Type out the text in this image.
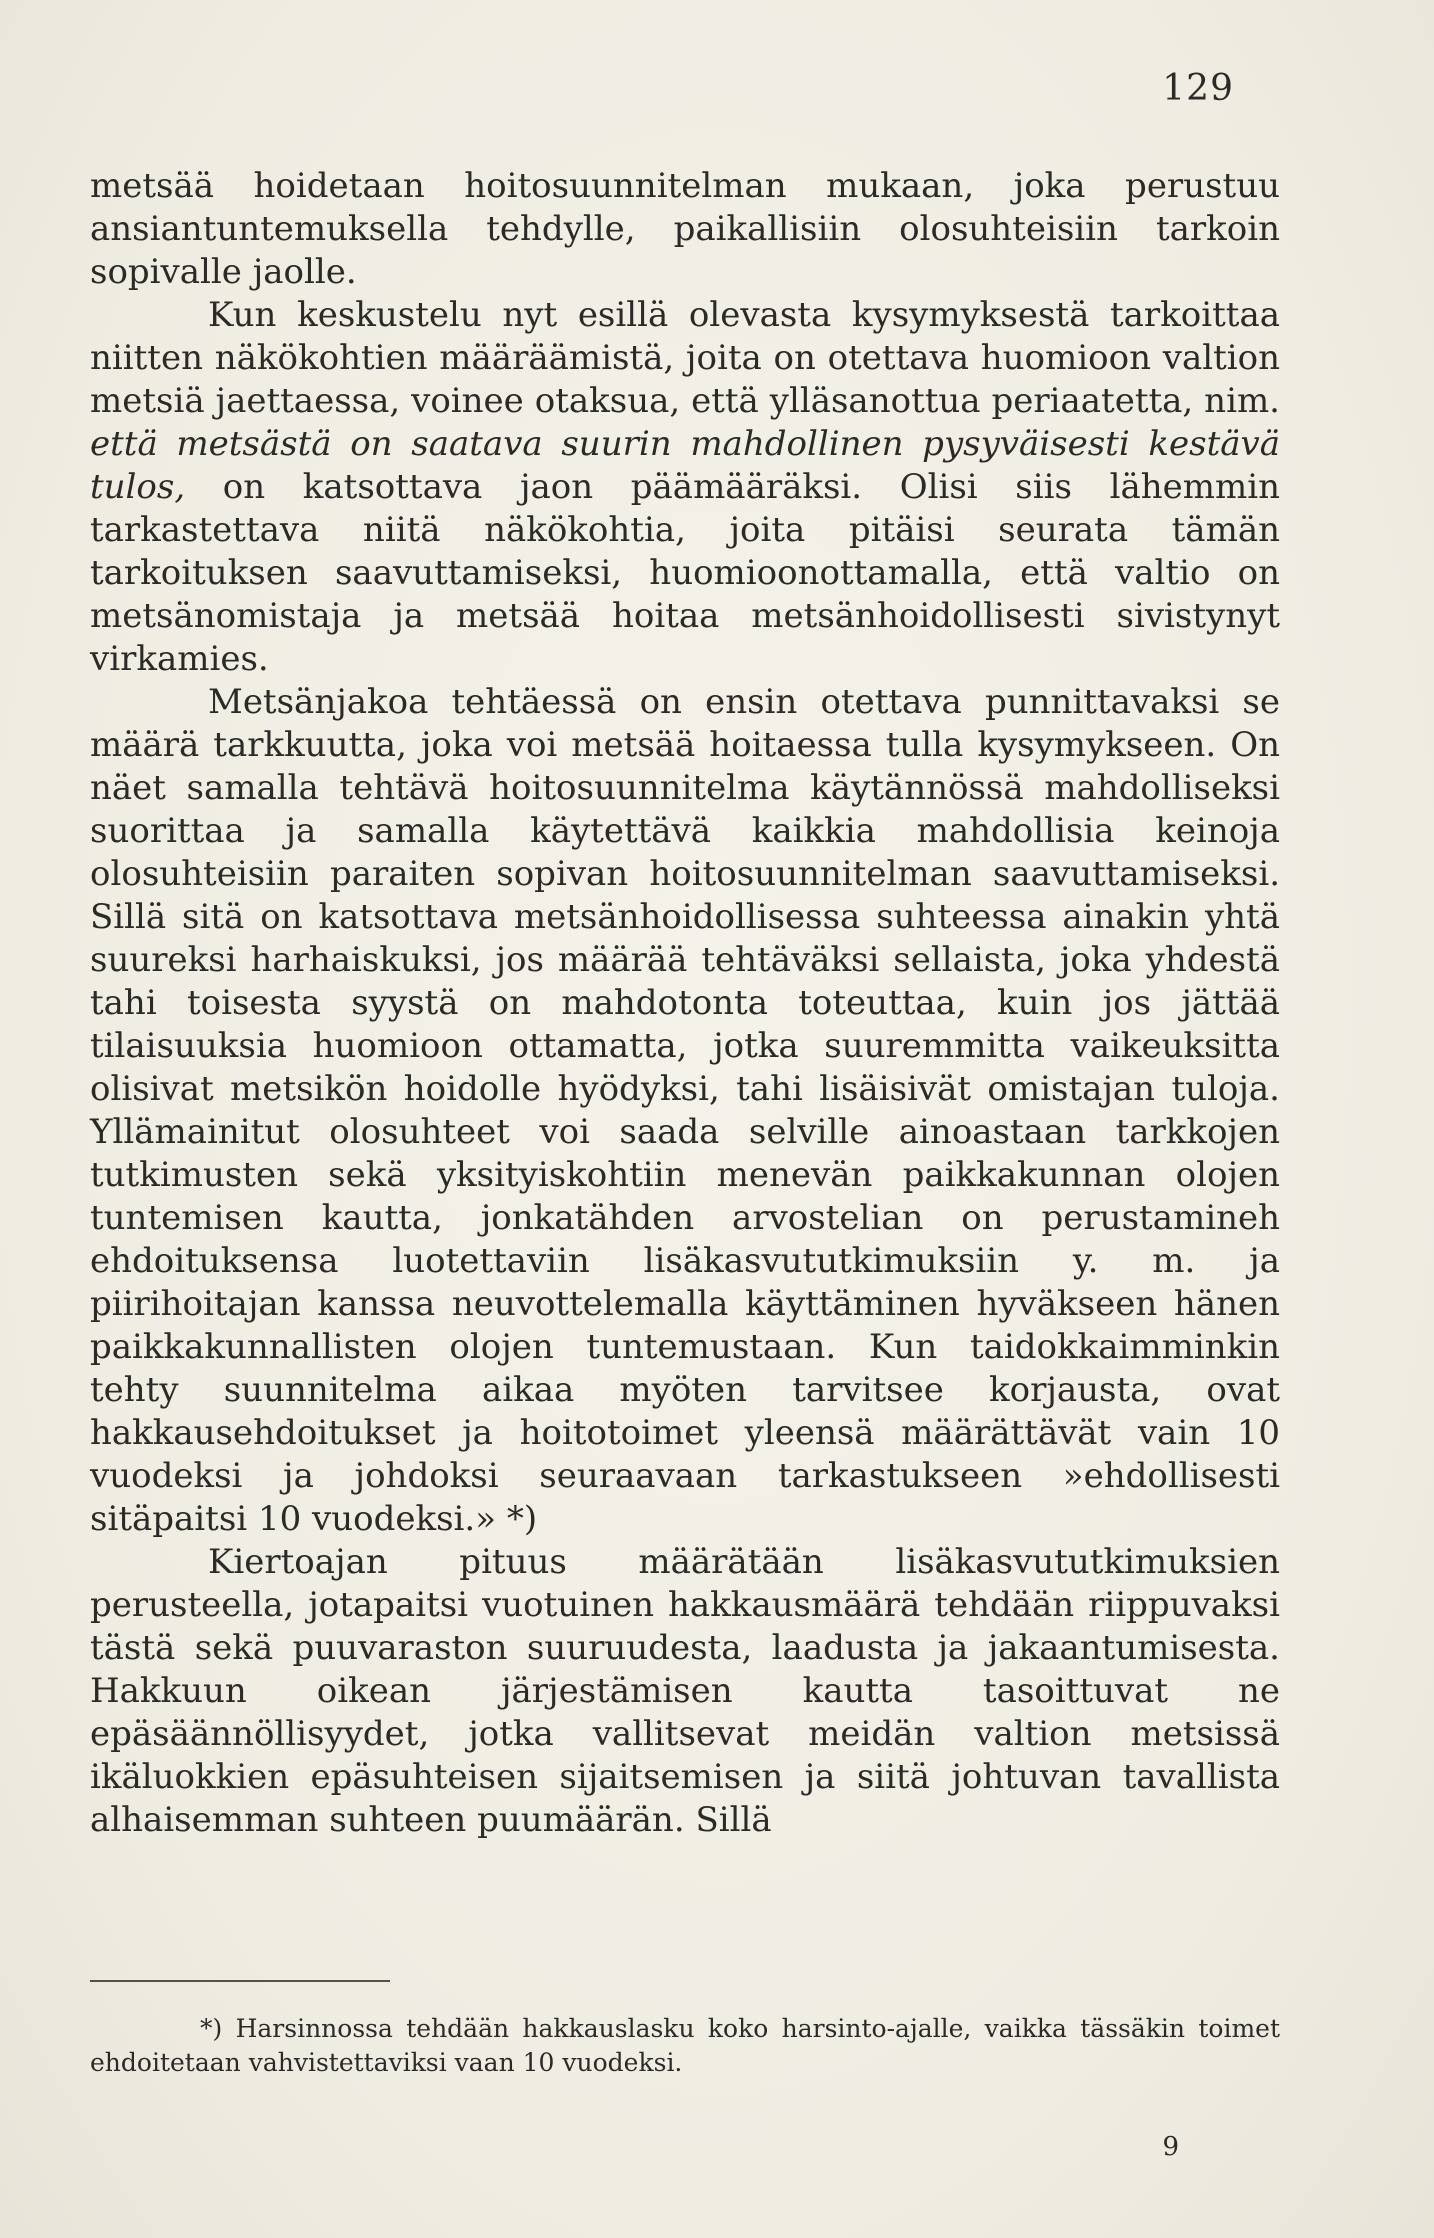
129

metsää hoidetaan hoitosuunnitelman mukaan, joka perustuu ansiantuntemuksella tehdylle, paikallisiin olosuhteisiin tarkoin sopivalle jaolle.

Kun keskustelu nyt esillä olevasta kysymyksestä tarkoittaa niitten näkökohtien määräämistä, joita on otettava huomioon valtion metsiä jaettaessa, voinee otaksua, että ylläsanottua periaatetta, nim. että metsästä on saatava suurin mahdollinen pysyväisesti kestävä tulos, on katsottava jaon päämääräksi. Olisi siis lähemmin tarkastettava niitä näkökohtia, joita pitäisi seurata tämän tarkoituksen saavuttamiseksi, huomioonottamalla, että valtio on metsänomistaja ja metsää hoitaa metsänhoidollisesti sivistynyt virkamies.

Metsänjakoa tehtäessä on ensin otettava punnittavaksi se määrä tarkkuutta, joka voi metsää hoitaessa tulla kysymykseen. On näet samalla tehtävä hoitosuunnitelma käytännössä mahdolliseksi suorittaa ja samalla käytettävä kaikkia mahdollisia keinoja olosuhteisiin paraiten sopivan hoitosuunnitelman saavuttamiseksi. Sillä sitä on katsottava metsänhoidollisessa suhteessa ainakin yhtä suureksi harhaiskuksi, jos määrää tehtäväksi sellaista, joka yhdestä tahi toisesta syystä on mahdotonta toteuttaa, kuin jos jättää tilaisuuksia huomioon ottamatta, jotka suuremmitta vaikeuksitta olisivat metsikön hoidolle hyödyksi, tahi lisäisivät omistajan tuloja. Yllämainitut olosuhteet voi saada selville ainoastaan tarkkojen tutkimusten sekä yksityiskohtiin menevän paikkakunnan olojen tuntemisen kautta, jonkatähden arvostelian on perustamineh ehdoituksensa luotettaviin lisäkasvututkimuksiin y. m. ja piirihoitajan kanssa neuvottelemalla käyttäminen hyväkseen hänen paikkakunnallisten olojen tuntemustaan. Kun taidokkaimminkin tehty suunnitelma aikaa myöten tarvitsee korjausta, ovat hakkausehdoitukset ja hoitotoimet yleensä määrättävät vain 10 vuodeksi ja johdoksi seuraavaan tarkastukseen »ehdollisesti sitäpaitsi 10 vuodeksi.» *)

Kiertoajan pituus määrätään lisäkasvututkimuksien perusteella, jotapaitsi vuotuinen hakkausmäärä tehdään riippuvaksi tästä sekä puuvaraston suuruudesta, laadusta ja jakaantumisesta. Hakkuun oikean järjestämisen kautta tasoittuvat ne epäsäännöllisyydet, jotka vallitsevat meidän valtion metsissä ikäluokkien epäsuhteisen sijaitsemisen ja siitä johtuvan tavallista alhaisemman suhteen puumäärän. Sillä

*) Harsinnossa tehdään hakkauslasku koko harsinto-ajalle, vaikka tässäkin toimet ehdoitetaan vahvistettaviksi vaan 10 vuodeksi.

9
